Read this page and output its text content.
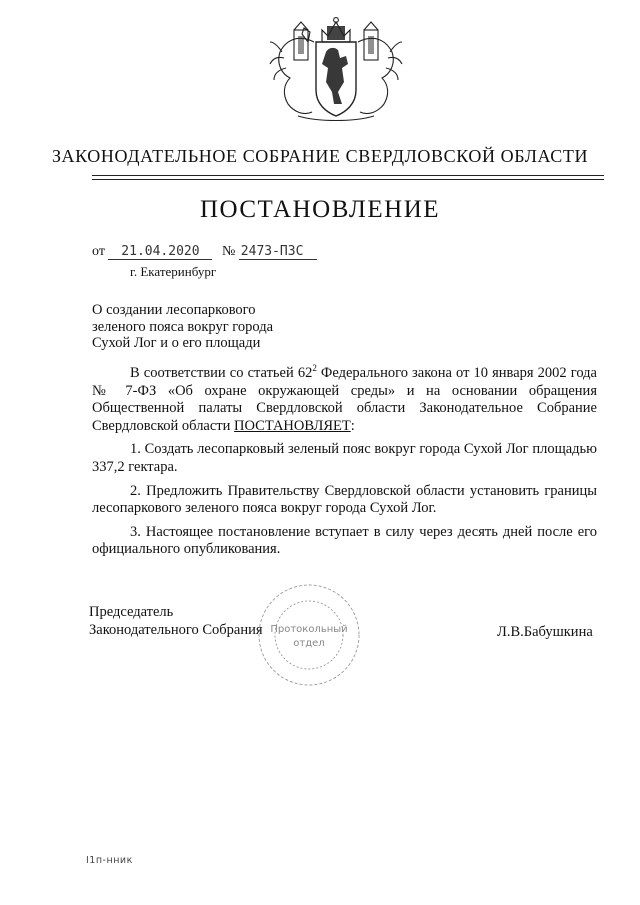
ЗАКОНОДАТЕЛЬНОЕ СОБРАНИЕ СВЕРДЛОВСКОЙ ОБЛАСТИ
ПОСТАНОВЛЕНИЕ
от 21.04.2020 № 2473-ПЗС
г. Екатеринбург
О создании лесопаркового
зеленого пояса вокруг города
Сухой Лог и о его площади

В соответствии со статьей $62^2$ Федерального закона от 10 января 2002 года № 7-ФЗ «Об охране окружающей среды» и на основании обращения Общественной палаты Свердловской области Законодательное Собрание Свердловской области ПОСТАНОВЛЯЕТ:

1. Создать лесопарковый зеленый пояс вокруг города Сухой Лог площадью 337,2 гектара.

2. Предложить Правительству Свердловской области установить границы лесопаркового зеленого пояса вокруг города Сухой Лог.

3. Настоящее постановление вступает в силу через десять дней после его официального опубликования.

Протокольный
отдел
Председатель
Законодательного Собрания	Л.В.Бабушкина
Ι1п-нник
